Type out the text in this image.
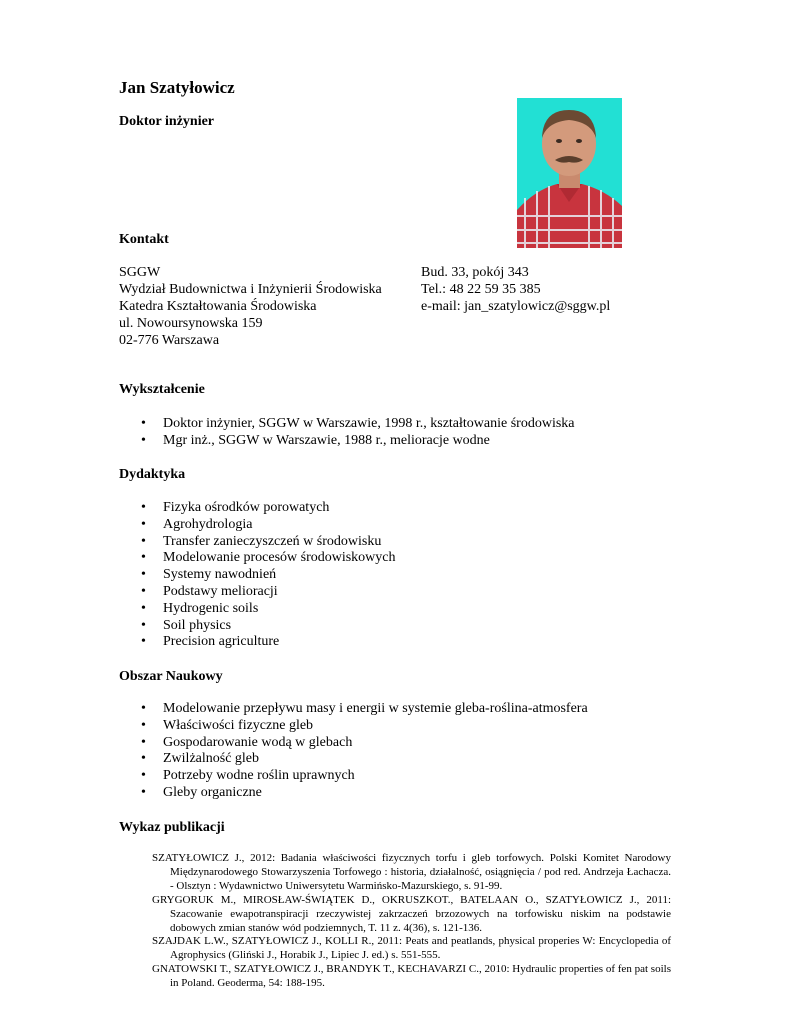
Jan Szatyłowicz
Doktor inżynier
Kontakt
SGGW
Wydział Budownictwa i Inżynierii Środowiska
Katedra Kształtowania Środowiska
ul. Nowoursynowska 159
02-776 Warszawa
Bud. 33, pokój 343
Tel.: 48 22 59 35 385
e-mail: jan_szatylowicz@sggw.pl
Wykształcenie
• Doktor inżynier, SGGW w Warszawie, 1998 r., kształtowanie środowiska
• Mgr inż., SGGW w Warszawie, 1988 r., melioracje wodne
Dydaktyka
• Fizyka ośrodków porowatych
• Agrohydrologia
• Transfer zanieczyszczeń w środowisku
• Modelowanie procesów środowiskowych
• Systemy nawodnień
• Podstawy melioracji
• Hydrogenic soils
• Soil physics
• Precision agriculture
Obszar Naukowy
• Modelowanie przepływu masy i energii w systemie gleba-roślina-atmosfera
• Właściwości fizyczne gleb
• Gospodarowanie wodą w glebach
• Zwilżalność gleb
• Potrzeby wodne roślin uprawnych
• Gleby organiczne
Wykaz publikacji
SZATYŁOWICZ J., 2012: Badania właściwości fizycznych torfu i gleb torfowych. Polski Komitet Narodowy Międzynarodowego Stowarzyszenia Torfowego : historia, działalność, osiągnięcia / pod red. Andrzeja Łachacza. - Olsztyn : Wydawnictwo Uniwersytetu Warmińsko-Mazurskiego, s. 91-99.
GRYGORUK M., MIROSŁAW-ŚWIĄTEK D., OKRUSZKOT., BATELAAN O., SZATYŁOWICZ J., 2011: Szacowanie ewapotranspiracji rzeczywistej zakrzaczeń brzozowych na torfowisku niskim na podstawie dobowych zmian stanów wód podziemnych, T. 11 z. 4(36), s. 121-136.
SZAJDAK L.W., SZATYŁOWICZ J., KOLLI R., 2011: Peats and peatlands, physical properies W: Encyclopedia of Agrophysics (Gliński J., Horabik J., Lipiec J. ed.) s. 551-555.
GNATOWSKI T., SZATYŁOWICZ J., BRANDYK T., KECHAVARZI C., 2010: Hydraulic properties of fen pat soils in Poland. Geoderma, 54: 188-195.
